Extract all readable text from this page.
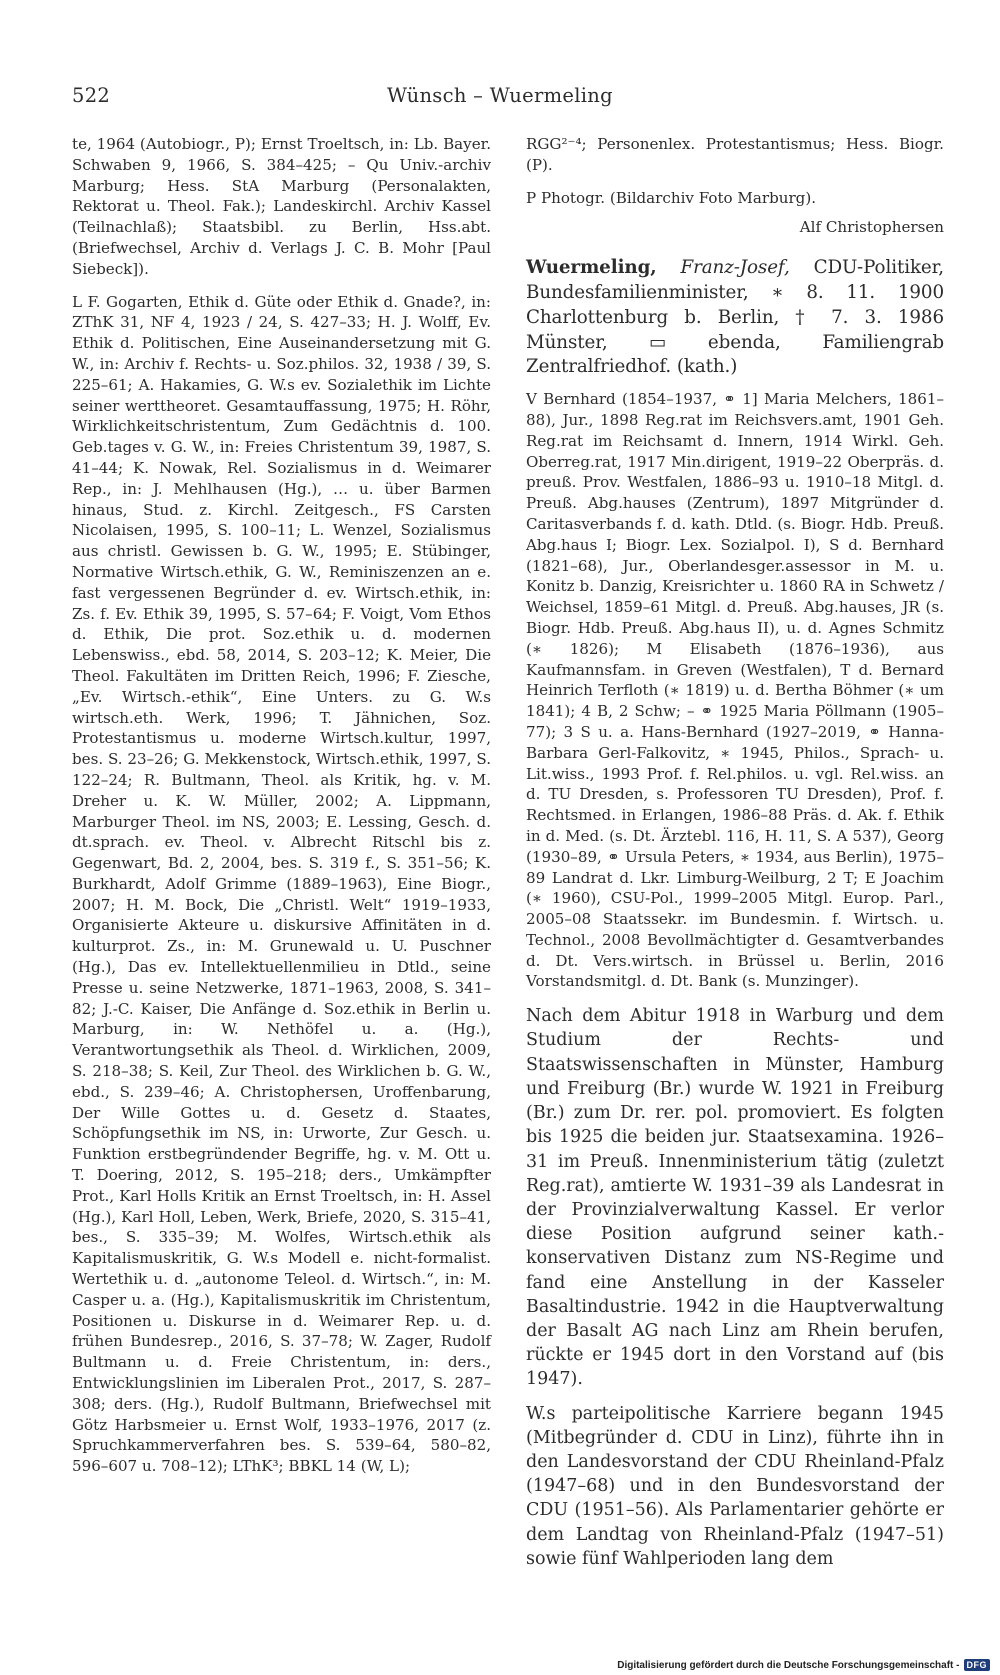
522	Wünsch – Wuermeling

te, 1964 (Autobiogr., P); Ernst Troeltsch, in: Lb. Bayer. Schwaben 9, 1966, S. 384–425; – Qu Univ.-archiv Marburg; Hess. StA Marburg (Personalakten, Rektorat u. Theol. Fak.); Landeskirchl. Archiv Kassel (Teilnachlaß); Staatsbibl. zu Berlin, Hss.abt. (Briefwechsel, Archiv d. Verlags J. C. B. Mohr [Paul Siebeck]).

L F. Gogarten, Ethik d. Güte oder Ethik d. Gnade?, in: ZThK 31, NF 4, 1923 / 24, S. 427–33; H. J. Wolff, Ev. Ethik d. Politischen, Eine Auseinandersetzung mit G. W., in: Archiv f. Rechts- u. Soz.philos. 32, 1938 / 39, S. 225–61; A. Hakamies, G. W.s ev. Sozialethik im Lichte seiner werttheoret. Gesamtauffassung, 1975; H. Röhr, Wirklichkeitschristentum, Zum Gedächtnis d. 100. Geb.tages v. G. W., in: Freies Christentum 39, 1987, S. 41–44; K. Nowak, Rel. Sozialismus in d. Weimarer Rep., in: J. Mehlhausen (Hg.), … u. über Barmen hinaus, Stud. z. Kirchl. Zeitgesch., FS Carsten Nicolaisen, 1995, S. 100–11; L. Wenzel, Sozialismus aus christl. Gewissen b. G. W., 1995; E. Stübinger, Normative Wirtsch.ethik, G. W., Reminiszenzen an e. fast vergessenen Begründer d. ev. Wirtsch.ethik, in: Zs. f. Ev. Ethik 39, 1995, S. 57–64; F. Voigt, Vom Ethos d. Ethik, Die prot. Soz.ethik u. d. modernen Lebenswiss., ebd. 58, 2014, S. 203–12; K. Meier, Die Theol. Fakultäten im Dritten Reich, 1996; F. Ziesche, „Ev. Wirtsch.-ethik“, Eine Unters. zu G. W.s wirtsch.eth. Werk, 1996; T. Jähnichen, Soz. Protestantismus u. moderne Wirtsch.kultur, 1997, bes. S. 23–26; G. Mekkenstock, Wirtsch.ethik, 1997, S. 122–24; R. Bultmann, Theol. als Kritik, hg. v. M. Dreher u. K. W. Müller, 2002; A. Lippmann, Marburger Theol. im NS, 2003; E. Lessing, Gesch. d. dt.sprach. ev. Theol. v. Albrecht Ritschl bis z. Gegenwart, Bd. 2, 2004, bes. S. 319 f., S. 351–56; K. Burkhardt, Adolf Grimme (1889–1963), Eine Biogr., 2007; H. M. Bock, Die „Christl. Welt“ 1919–1933, Organisierte Akteure u. diskursive Affinitäten in d. kulturprot. Zs., in: M. Grunewald u. U. Puschner (Hg.), Das ev. Intellektuellenmilieu in Dtld., seine Presse u. seine Netzwerke, 1871–1963, 2008, S. 341–82; J.-C. Kaiser, Die Anfänge d. Soz.ethik in Berlin u. Marburg, in: W. Nethöfel u. a. (Hg.), Verantwortungsethik als Theol. d. Wirklichen, 2009, S. 218–38; S. Keil, Zur Theol. des Wirklichen b. G. W., ebd., S. 239–46; A. Christophersen, Uroffenbarung, Der Wille Gottes u. d. Gesetz d. Staates, Schöpfungsethik im NS, in: Urworte, Zur Gesch. u. Funktion erstbegründender Begriffe, hg. v. M. Ott u. T. Doering, 2012, S. 195–218; ders., Umkämpfter Prot., Karl Holls Kritik an Ernst Troeltsch, in: H. Assel (Hg.), Karl Holl, Leben, Werk, Briefe, 2020, S. 315–41, bes., S. 335–39; M. Wolfes, Wirtsch.ethik als Kapitalismuskritik, G. W.s Modell e. nicht-formalist. Wertethik u. d. „autonome Teleol. d. Wirtsch.“, in: M. Casper u. a. (Hg.), Kapitalismuskritik im Christentum, Positionen u. Diskurse in d. Weimarer Rep. u. d. frühen Bundesrep., 2016, S. 37–78; W. Zager, Rudolf Bultmann u. d. Freie Christentum, in: ders., Entwicklungslinien im Liberalen Prot., 2017, S. 287–308; ders. (Hg.), Rudolf Bultmann, Briefwechsel mit Götz Harbsmeier u. Ernst Wolf, 1933–1976, 2017 (z. Spruchkammerverfahren bes. S. 539–64, 580–82, 596–607 u. 708–12); LThK³; BBKL 14 (W, L);

RGG²⁻⁴; Personenlex. Protestantismus; Hess. Biogr. (P).

P Photogr. (Bildarchiv Foto Marburg).

Alf Christophersen

Wuermeling, Franz-Josef, CDU-Politiker, Bundesfamilienminister, ∗ 8. 11. 1900 Charlottenburg b. Berlin, † 7. 3. 1986 Münster, ▭ ebenda, Familiengrab Zentralfriedhof. (kath.)

V Bernhard (1854–1937, ⚭ 1] Maria Melchers, 1861–88), Jur., 1898 Reg.rat im Reichsvers.amt, 1901 Geh. Reg.rat im Reichsamt d. Innern, 1914 Wirkl. Geh. Oberreg.rat, 1917 Min.dirigent, 1919–22 Oberpräs. d. preuß. Prov. Westfalen, 1886–93 u. 1910–18 Mitgl. d. Preuß. Abg.hauses (Zentrum), 1897 Mitgründer d. Caritasverbands f. d. kath. Dtld. (s. Biogr. Hdb. Preuß. Abg.haus I; Biogr. Lex. Sozialpol. I), S d. Bernhard (1821–68), Jur., Oberlandesger.assessor in M. u. Konitz b. Danzig, Kreisrichter u. 1860 RA in Schwetz / Weichsel, 1859–61 Mitgl. d. Preuß. Abg.hauses, JR (s. Biogr. Hdb. Preuß. Abg.haus II), u. d. Agnes Schmitz (∗ 1826); M Elisabeth (1876–1936), aus Kaufmannsfam. in Greven (Westfalen), T d. Bernard Heinrich Terfloth (∗ 1819) u. d. Bertha Böhmer (∗ um 1841); 4 B, 2 Schw; – ⚭ 1925 Maria Pöllmann (1905–77); 3 S u. a. Hans-Bernhard (1927–2019, ⚭ Hanna-Barbara Gerl-Falkovitz, ∗ 1945, Philos., Sprach- u. Lit.wiss., 1993 Prof. f. Rel.philos. u. vgl. Rel.wiss. an d. TU Dresden, s. Professoren TU Dresden), Prof. f. Rechtsmed. in Erlangen, 1986–88 Präs. d. Ak. f. Ethik in d. Med. (s. Dt. Ärztebl. 116, H. 11, S. A 537), Georg (1930–89, ⚭ Ursula Peters, ∗ 1934, aus Berlin), 1975–89 Landrat d. Lkr. Limburg-Weilburg, 2 T; E Joachim (∗ 1960), CSU-Pol., 1999–2005 Mitgl. Europ. Parl., 2005–08 Staatssekr. im Bundesmin. f. Wirtsch. u. Technol., 2008 Bevollmächtigter d. Gesamtverbandes d. Dt. Vers.wirtsch. in Brüssel u. Berlin, 2016 Vorstandsmitgl. d. Dt. Bank (s. Munzinger).

Nach dem Abitur 1918 in Warburg und dem Studium der Rechts- und Staatswissenschaften in Münster, Hamburg und Freiburg (Br.) wurde W. 1921 in Freiburg (Br.) zum Dr. rer. pol. promoviert. Es folgten bis 1925 die beiden jur. Staatsexamina. 1926–31 im Preuß. Innenministerium tätig (zuletzt Reg.rat), amtierte W. 1931–39 als Landesrat in der Provinzialverwaltung Kassel. Er verlor diese Position aufgrund seiner kath.-konservativen Distanz zum NS-Regime und fand eine Anstellung in der Kasseler Basaltindustrie. 1942 in die Hauptverwaltung der Basalt AG nach Linz am Rhein berufen, rückte er 1945 dort in den Vorstand auf (bis 1947).

W.s parteipolitische Karriere begann 1945 (Mitbegründer d. CDU in Linz), führte ihn in den Landesvorstand der CDU Rheinland-Pfalz (1947–68) und in den Bundesvorstand der CDU (1951–56). Als Parlamentarier gehörte er dem Landtag von Rheinland-Pfalz (1947–51) sowie fünf Wahlperioden lang dem

Digitalisierung gefördert durch die Deutsche Forschungsgemeinschaft - DFG
